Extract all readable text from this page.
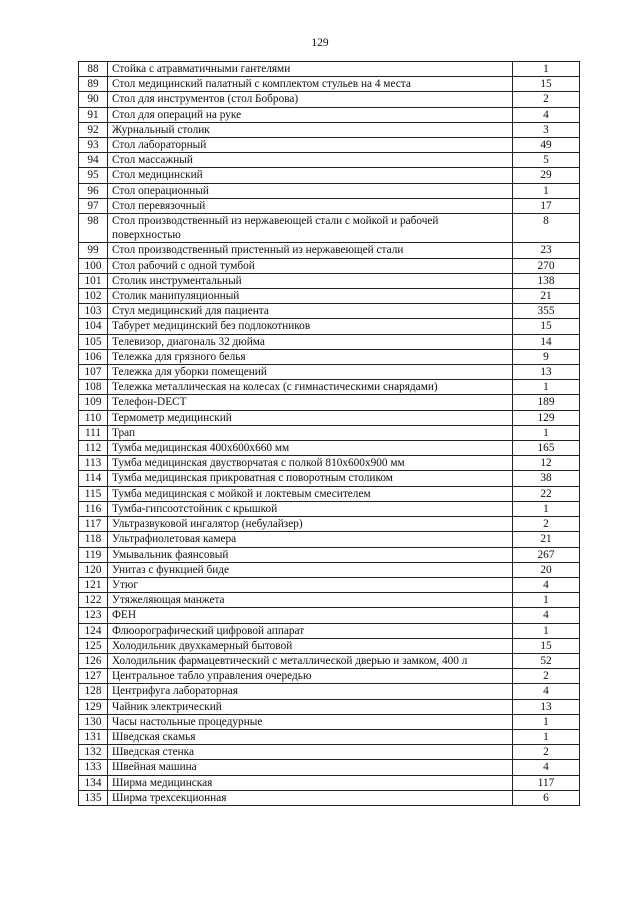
129
88	Стойка с атравматичными гантелями	1
89	Стол медицинский палатный с комплектом стульев на 4 места	15
90	Стол для инструментов (стол Боброва)	2
91	Стол для операций на руке	4
92	Журнальный столик	3
93	Стол лабораторный	49
94	Стол массажный	5
95	Стол медицинский	29
96	Стол операционный	1
97	Стол перевязочный	17
98	Стол производственный из нержавеющей стали с мойкой и рабочей поверхностью	8
99	Стол производственный пристенный из нержавеющей стали	23
100	Стол рабочий с одной тумбой	270
101	Столик инструментальный	138
102	Столик манипуляционный	21
103	Стул медицинский для пациента	355
104	Табурет медицинский без подлокотников	15
105	Телевизор, диагональ 32 дюйма	14
106	Тележка для грязного белья	9
107	Тележка для уборки помещений	13
108	Тележка металлическая на колесах (с гимнастическими снарядами)	1
109	Телефон-DECT	189
110	Термометр медицинский	129
111	Трап	1
112	Тумба медицинская 400х600х660 мм	165
113	Тумба медицинская двустворчатая с полкой 810х600х900 мм	12
114	Тумба медицинская прикроватная с поворотным столиком	38
115	Тумба медицинская с мойкой и локтевым смесителем	22
116	Тумба-гипсоотстойник с крышкой	1
117	Ультразвуковой ингалятор (небулайзер)	2
118	Ультрафиолетовая камера	21
119	Умывальник фаянсовый	267
120	Унитаз с функцией биде	20
121	Утюг	4
122	Утяжеляющая манжета	1
123	ФЕН	4
124	Флюорографический цифровой аппарат	1
125	Холодильник двухкамерный бытовой	15
126	Холодильник фармацевтический с металлической дверью и замком, 400 л	52
127	Центральное табло управления очередью	2
128	Центрифуга лабораторная	4
129	Чайник электрический	13
130	Часы настольные процедурные	1
131	Шведская скамья	1
132	Шведская стенка	2
133	Швейная машина	4
134	Ширма медицинская	117
135	Ширма трехсекционная	6
